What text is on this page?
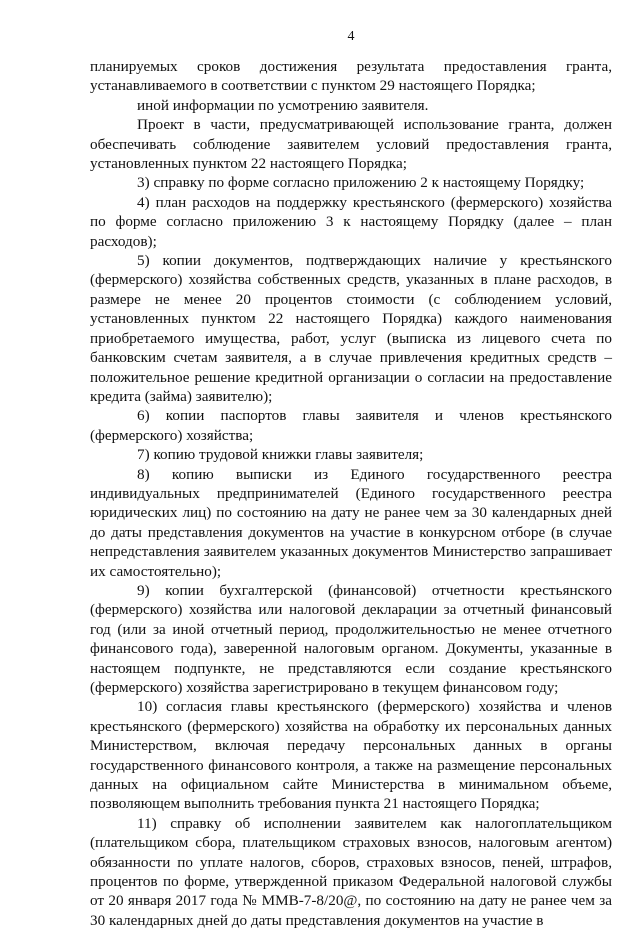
4

планируемых сроков достижения результата предоставления гранта, устанавливаемого в соответствии с пунктом 29 настоящего Порядка;

иной информации по усмотрению заявителя.

Проект в части, предусматривающей использование гранта, должен обеспечивать соблюдение заявителем условий предоставления гранта, установленных пунктом 22 настоящего Порядка;

3) справку по форме согласно приложению 2 к настоящему Порядку;

4) план расходов на поддержку крестьянского (фермерского) хозяйства по форме согласно приложению 3 к настоящему Порядку (далее – план расходов);

5) копии документов, подтверждающих наличие у крестьянского (фермерского) хозяйства собственных средств, указанных в плане расходов, в размере не менее 20 процентов стоимости (с соблюдением условий, установленных пунктом 22 настоящего Порядка) каждого наименования приобретаемого имущества, работ, услуг (выписка из лицевого счета по банковским счетам заявителя, а в случае привлечения кредитных средств – положительное решение кредитной организации о согласии на предоставление кредита (займа) заявителю);

6) копии паспортов главы заявителя и членов крестьянского (фермерского) хозяйства;

7) копию трудовой книжки главы заявителя;

8) копию выписки из Единого государственного реестра индивидуальных предпринимателей (Единого государственного реестра юридических лиц) по состоянию на дату не ранее чем за 30 календарных дней до даты представления документов на участие в конкурсном отборе (в случае непредставления заявителем указанных документов Министерство запрашивает их самостоятельно);

9) копии бухгалтерской (финансовой) отчетности крестьянского (фермерского) хозяйства или налоговой декларации за отчетный финансовый год (или за иной отчетный период, продолжительностью не менее отчетного финансового года), заверенной налоговым органом. Документы, указанные в настоящем подпункте, не представляются если создание крестьянского (фермерского) хозяйства зарегистрировано в текущем финансовом году;

10) согласия главы крестьянского (фермерского) хозяйства и членов крестьянского (фермерского) хозяйства на обработку их персональных данных Министерством, включая передачу персональных данных в органы государственного финансового контроля, а также на размещение персональных данных на официальном сайте Министерства в минимальном объеме, позволяющем выполнить требования пункта 21 настоящего Порядка;

11) справку об исполнении заявителем как налогоплательщиком (плательщиком сбора, плательщиком страховых взносов, налоговым агентом) обязанности по уплате налогов, сборов, страховых взносов, пеней, штрафов, процентов по форме, утвержденной приказом Федеральной налоговой службы от 20 января 2017 года № ММВ-7-8/20@, по состоянию на дату не ранее чем за 30 календарных дней до даты представления документов на участие в
